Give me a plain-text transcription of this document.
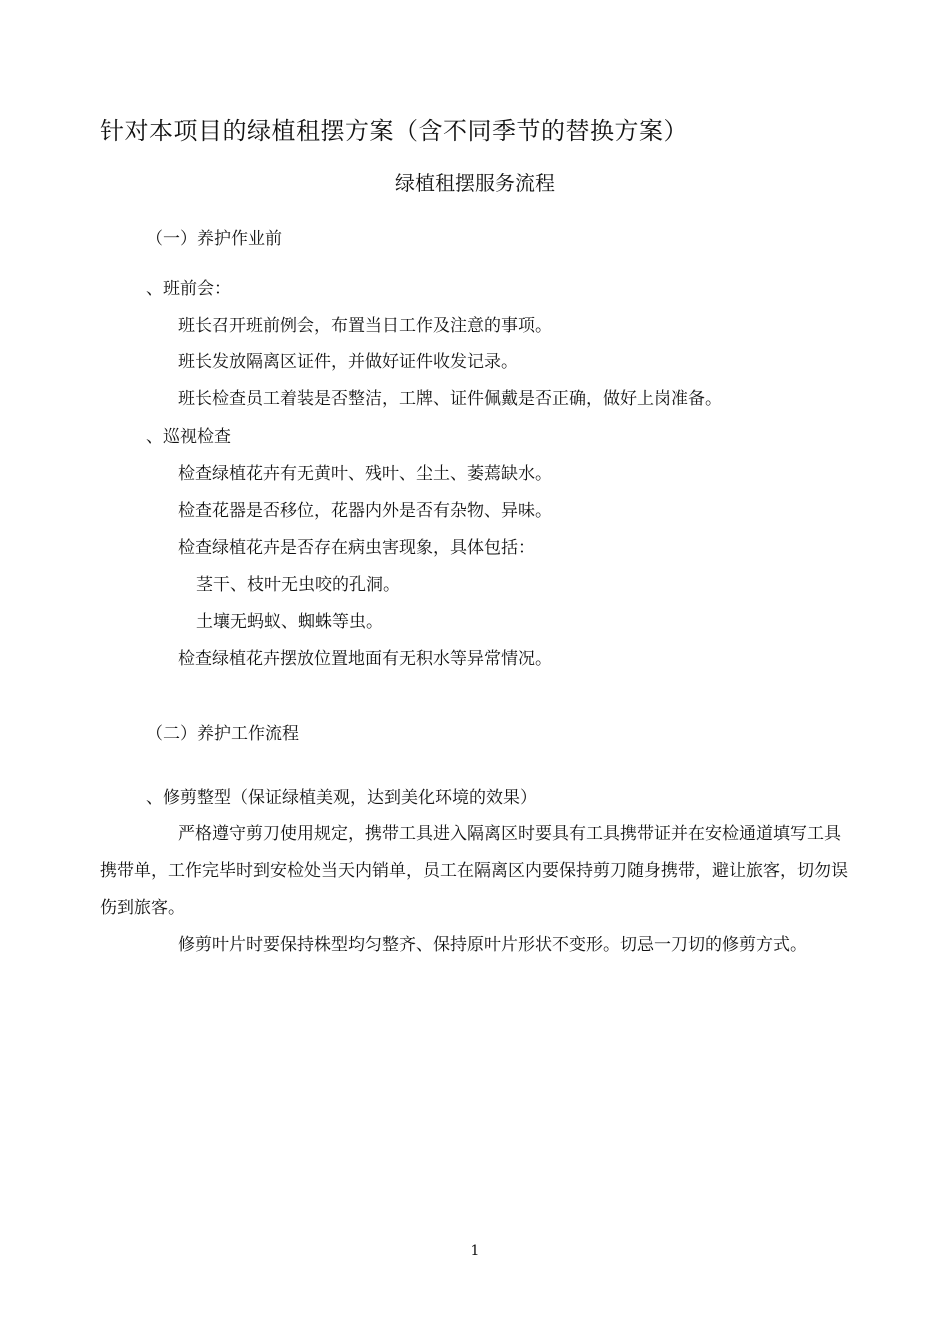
针对本项目的绿植租摆方案（含不同季节的替换方案）
绿植租摆服务流程
（一）养护作业前
、班前会：
班长召开班前例会，布置当日工作及注意的事项。
班长发放隔离区证件，并做好证件收发记录。
班长检查员工着装是否整洁，工牌、证件佩戴是否正确，做好上岗准备。
、巡视检查
检查绿植花卉有无黄叶、残叶、尘土、萎蔫缺水。
检查花器是否移位，花器内外是否有杂物、异味。
检查绿植花卉是否存在病虫害现象，具体包括：
茎干、枝叶无虫咬的孔洞。
土壤无蚂蚁、蜘蛛等虫。
检查绿植花卉摆放位置地面有无积水等异常情况。
（二）养护工作流程
、修剪整型（保证绿植美观，达到美化环境的效果）
严格遵守剪刀使用规定，携带工具进入隔离区时要具有工具携带证并在安检通道填写工具携带单，工作完毕时到安检处当天内销单，员工在隔离区内要保持剪刀随身携带，避让旅客，切勿误伤到旅客。
修剪叶片时要保持株型均匀整齐、保持原叶片形状不变形。切忌一刀切的修剪方式。
1
